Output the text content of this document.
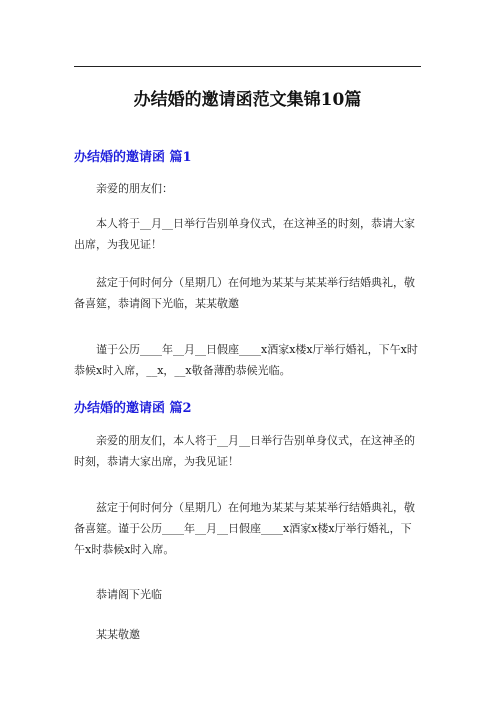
办结婚的邀请函范文集锦10篇
办结婚的邀请函 篇1
亲爱的朋友们：

本人将于__月__日举行告别单身仪式，在这神圣的时刻，恭请大家出席，为我见证！

兹定于何时何分（星期几）在何地为某某与某某举行结婚典礼，敬备喜筵，恭请阁下光临，某某敬邀

谨于公历____年__月__日假座____x酒家x楼x厅举行婚礼，下午x时恭候x时入席，__x，__x敬备薄酌恭候光临。

办结婚的邀请函 篇2

亲爱的朋友们，本人将于__月__日举行告别单身仪式，在这神圣的时刻，恭请大家出席，为我见证！

兹定于何时何分（星期几）在何地为某某与某某举行结婚典礼，敬备喜筵。谨于公历____年__月__日假座____x酒家x楼x厅举行婚礼，下午x时恭候x时入席。

恭请阁下光临
某某敬邀
